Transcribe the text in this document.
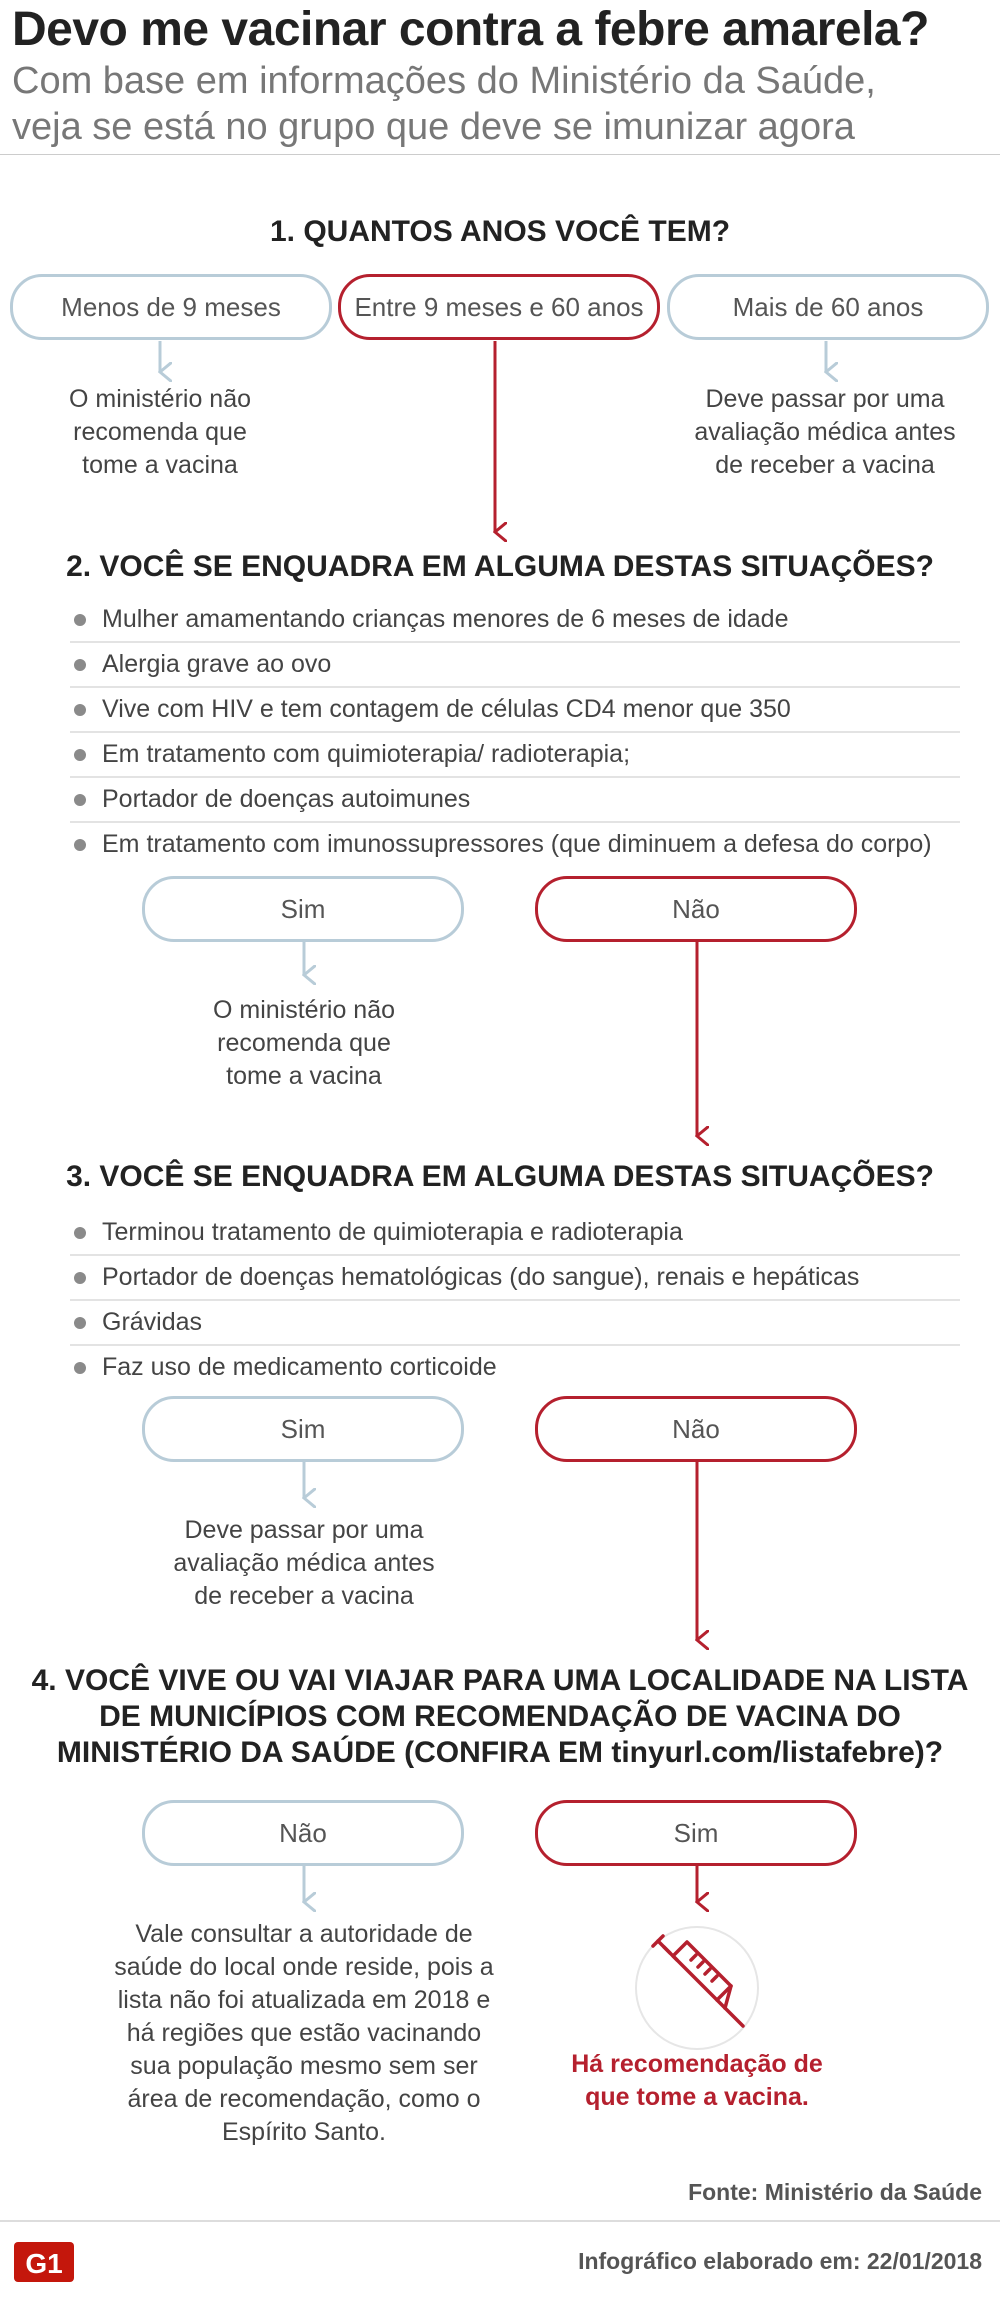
Devo me vacinar contra a febre amarela?
Com base em informações do Ministério da Saúde,
veja se está no grupo que deve se imunizar agora
1. QUANTOS ANOS VOCÊ TEM?
Menos de 9 meses	Entre 9 meses e 60 anos	Mais de 60 anos
O ministério não
recomenda que
tome a vacina
Deve passar por uma
avaliação médica antes
de receber a vacina
2. VOCÊ SE ENQUADRA EM ALGUMA DESTAS SITUAÇÕES?
Mulher amamentando crianças menores de 6 meses de idade
Alergia grave ao ovo
Vive com HIV e tem contagem de células CD4 menor que 350
Em tratamento com quimioterapia/ radioterapia;
Portador de doenças autoimunes
Em tratamento com imunossupressores (que diminuem a defesa do corpo)
Sim	Não
O ministério não
recomenda que
tome a vacina
3. VOCÊ SE ENQUADRA EM ALGUMA DESTAS SITUAÇÕES?
Terminou tratamento de quimioterapia e radioterapia
Portador de doenças hematológicas (do sangue), renais e hepáticas
Grávidas
Faz uso de medicamento corticoide
Sim	Não
Deve passar por uma
avaliação médica antes
de receber a vacina
4. VOCÊ VIVE OU VAI VIAJAR PARA UMA LOCALIDADE NA LISTA
DE MUNICÍPIOS COM RECOMENDAÇÃO DE VACINA DO
MINISTÉRIO DA SAÚDE (CONFIRA EM tinyurl.com/listafebre)?
Não	Sim
Vale consultar a autoridade de
saúde do local onde reside, pois a
lista não foi atualizada em 2018 e
há regiões que estão vacinando
sua população mesmo sem ser
área de recomendação, como o
Espírito Santo.
Há recomendação de
que tome a vacina.
Fonte: Ministério da Saúde
G1	Infográfico elaborado em: 22/01/2018
